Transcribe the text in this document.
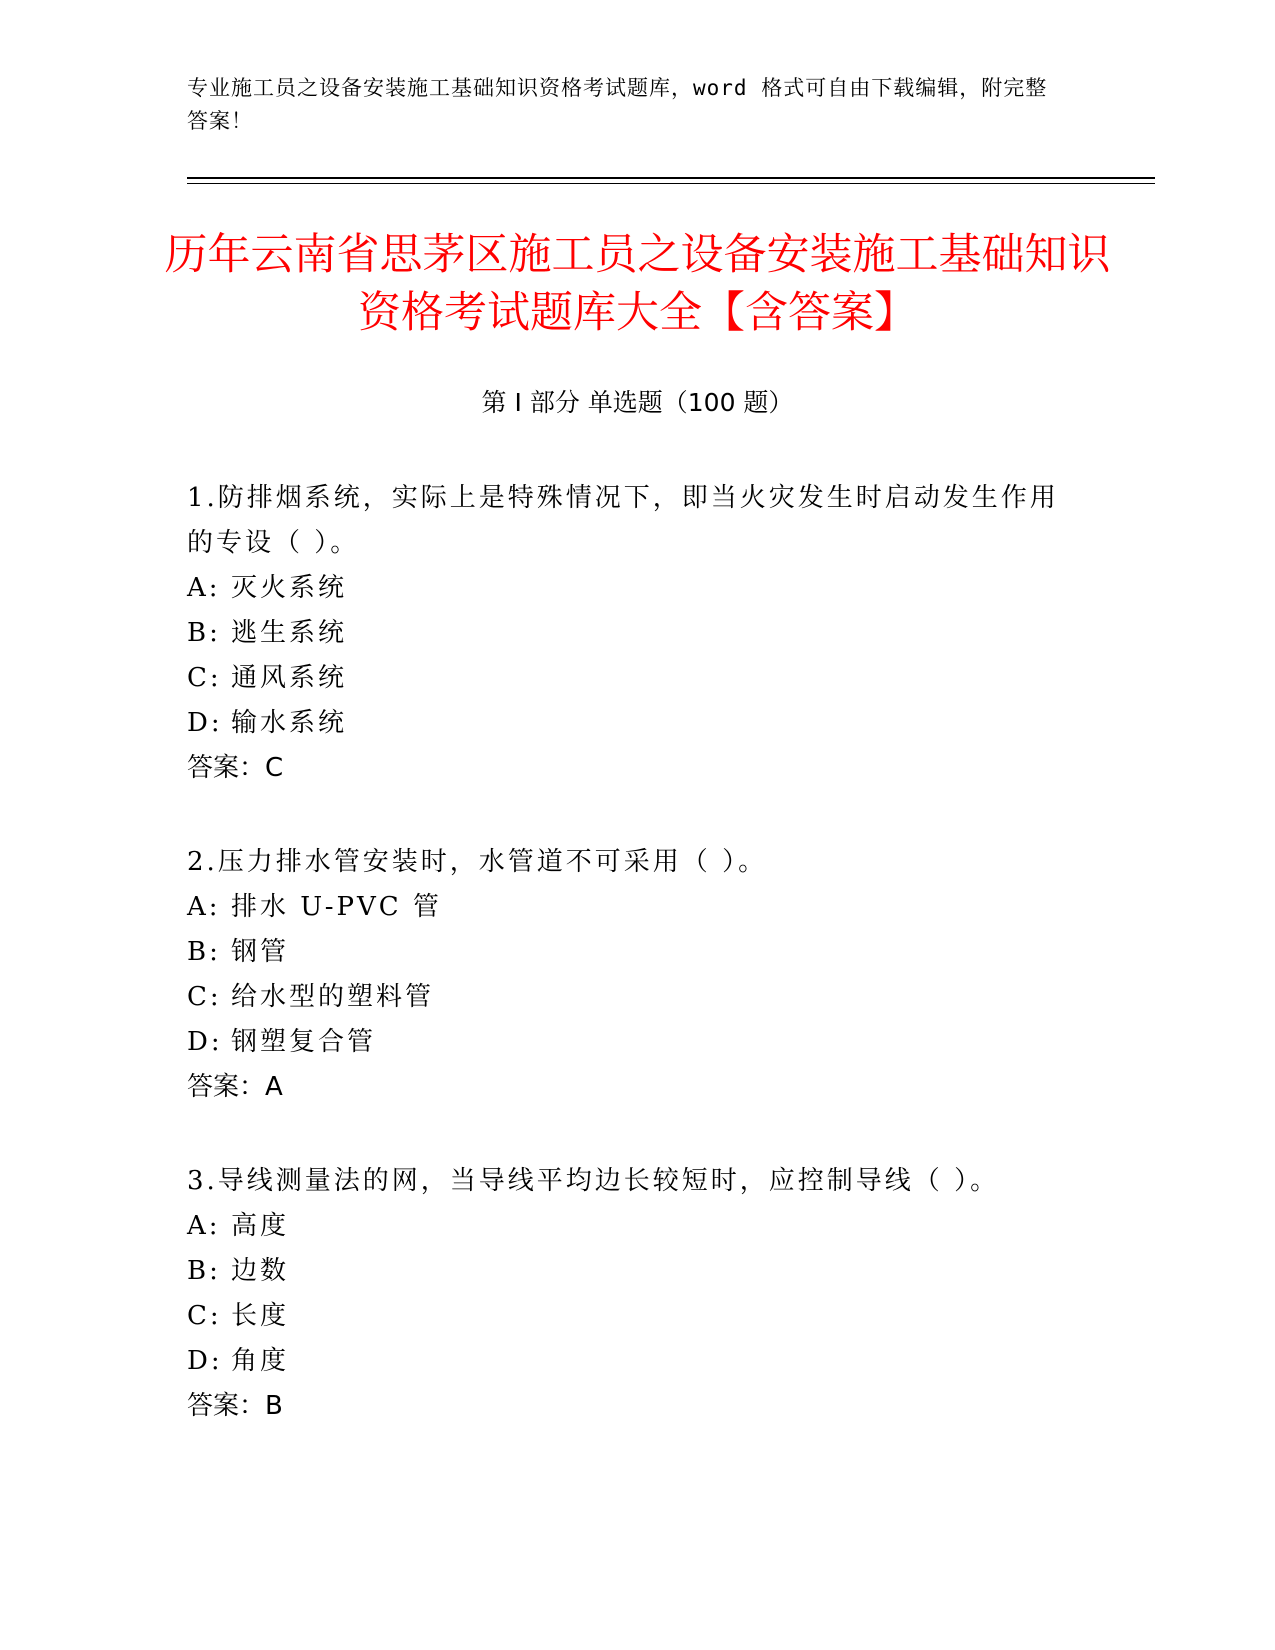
专业施工员之设备安装施工基础知识资格考试题库，word 格式可自由下载编辑，附完整答案！
历年云南省思茅区施工员之设备安装施工基础知识资格考试题库大全【含答案】
第 I 部分 单选题（100 题）
1.防排烟系统，实际上是特殊情况下，即当火灾发生时启动发生作用的专设（ ）。
A: 灭火系统
B: 逃生系统
C: 通风系统
D: 输水系统
答案：C
2.压力排水管安装时，水管道不可采用（ ）。
A: 排水 U-PVC 管
B: 钢管
C: 给水型的塑料管
D: 钢塑复合管
答案：A
3.导线测量法的网，当导线平均边长较短时，应控制导线（ ）。
A: 高度
B: 边数
C: 长度
D: 角度
答案：B
